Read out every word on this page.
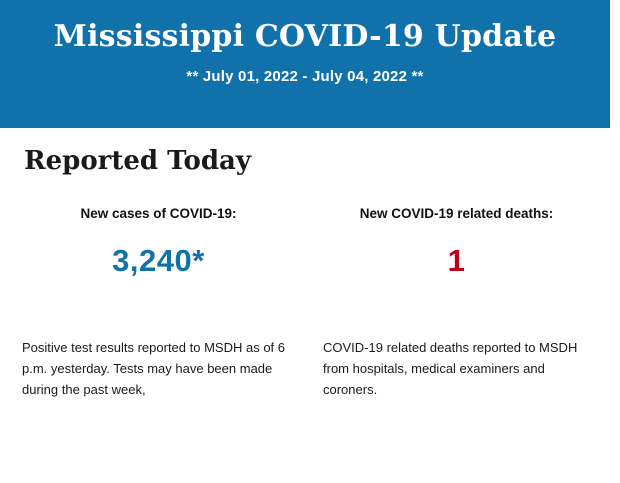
Mississippi COVID-19 Update
** July 01, 2022 - July 04, 2022 **
Reported Today
New cases of COVID-19:
3,240*
New COVID-19 related deaths:
1
Positive test results reported to MSDH as of 6 p.m. yesterday. Tests may have been made during the past week,
COVID-19 related deaths reported to MSDH from hospitals, medical examiners and coroners.
